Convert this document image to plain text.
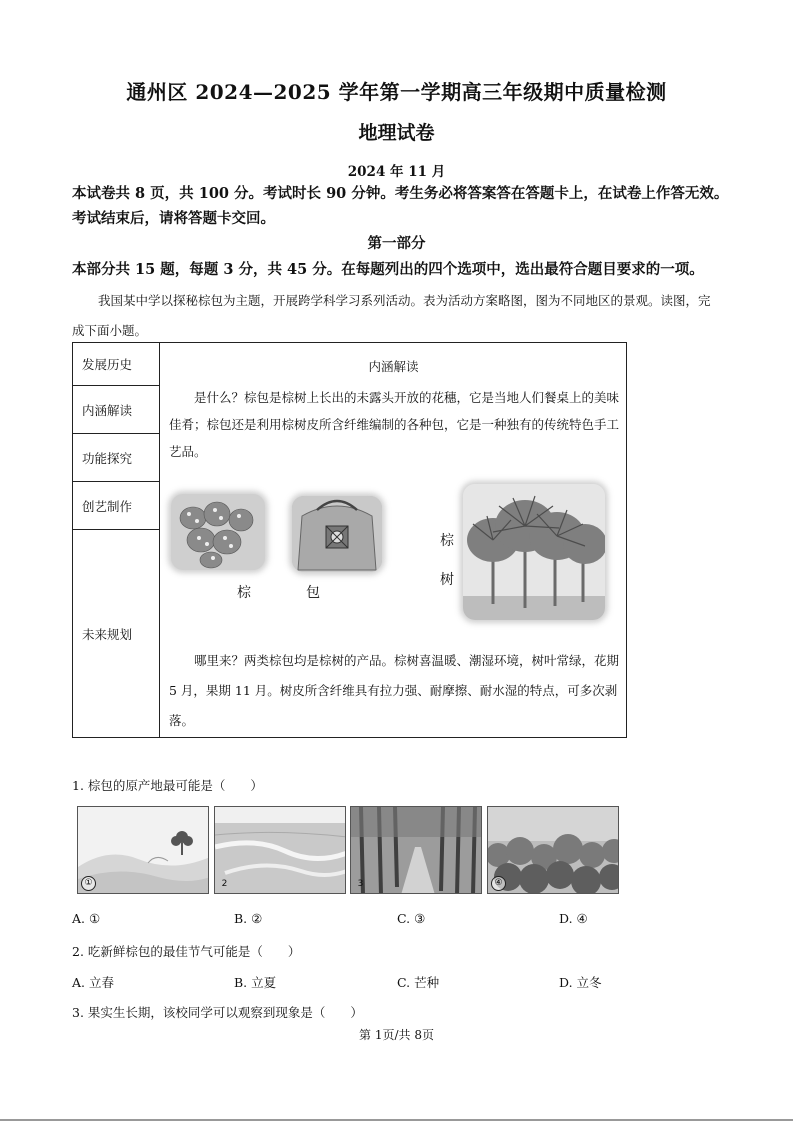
通州区 2024—2025 学年第一学期高三年级期中质量检测
地理试卷
2024 年 11 月
本试卷共 8 页，共 100 分。考试时长 90 分钟。考生务必将答案答在答题卡上，在试卷上作答无效。考试结束后，请将答题卡交回。
第一部分
本部分共 15 题，每题 3 分，共 45 分。在每题列出的四个选项中，选出最符合题目要求的一项。
我国某中学以探秘棕包为主题，开展跨学科学习系列活动。表为活动方案略图，图为不同地区的景观。读图，完成下面小题。
发展历史
内涵解读
功能探究
创艺制作
未来规划
内涵解读
是什么？棕包是棕树上长出的未露头开放的花穗，它是当地人们餐桌上的美味佳肴；棕包还是利用棕树皮所含纤维编制的各种包，它是一种独有的传统特色手工艺品。
棕	包
棕
树
哪里来？两类棕包均是棕树的产品。棕树喜温暖、潮湿环境，树叶常绿，花期 5 月，果期 11 月。树皮所含纤维具有拉力强、耐摩擦、耐水湿的特点，可多次剥落。
1. 棕包的原产地最可能是（　　）
①	2	3	④
A. ①	B. ②	C. ③	D. ④
2. 吃新鲜棕包的最佳节气可能是（　　）
A. 立春	B. 立夏	C. 芒种	D. 立冬
3. 果实生长期，该校同学可以观察到现象是（　　）
第 1页/共 8页
